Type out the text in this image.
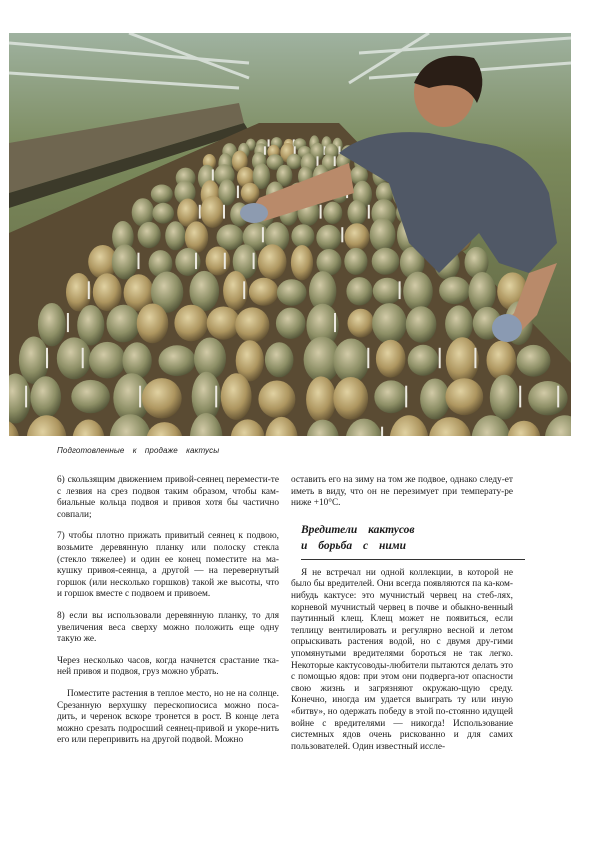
Подготовленные к продаже кактусы

6) скользящим движением привой-сеянец перемести-те с лезвия на срез подвоя таким образом, чтобы кам-биальные кольца подвоя и привоя хотя бы частично совпали;

7) чтобы плотно прижать привитый сеянец к подвою, возьмите деревянную планку или полоску стекла (стекло тяжелее) и один ее конец поместите на ма-кушку привоя-сеянца, а другой — на перевернутый горшок (или несколько горшков) такой же высоты, что и горшок вместе с подвоем и привоем.

8) если вы использовали деревянную планку, то для увеличения веса сверху можно положить еще одну такую же.

Через несколько часов, когда начнется срастание тка-ней привоя и подвоя, груз можно убрать.

Поместите растения в теплое место, но не на солнце. Срезанную верхушку перескопиосиса можно поса-дить, и черенок вскоре тронется в рост. В конце лета можно срезать подросший сеянец-привой и укоре-нить его или перепривить на другой подвой. Можно

оставить его на зиму на том же подвое, однако следу-ет иметь в виду, что он не перезимует при температу-ре ниже +10°С.

Вредители кактусов
и борьба с ними

Я не встречал ни одной коллекции, в которой не было бы вредителей. Они всегда появляются па ка-ком-нибудь кактусе: это мучнистый червец на стеб-лях, корневой мучнистый червец в почве и обыкно-венный паутинный клещ. Клещ может не появиться, если теплицу вентилировать и регулярно весной и летом опрыскивать растения водой, но с двумя дру-гими упомянутыми вредителями бороться не так легко. Некоторые кактусоводы-любители пытаются делать это с помощью ядов: при этом они подверга-ют опасности свою жизнь и загрязняют окружаю-щую среду. Конечно, иногда им удается выиграть ту или иную «битву», но одержать победу в этой по-стоянно идущей войне с вредителями — никогда! Использование системных ядов очень рискованно и для самих пользователей. Один известный иссле-
